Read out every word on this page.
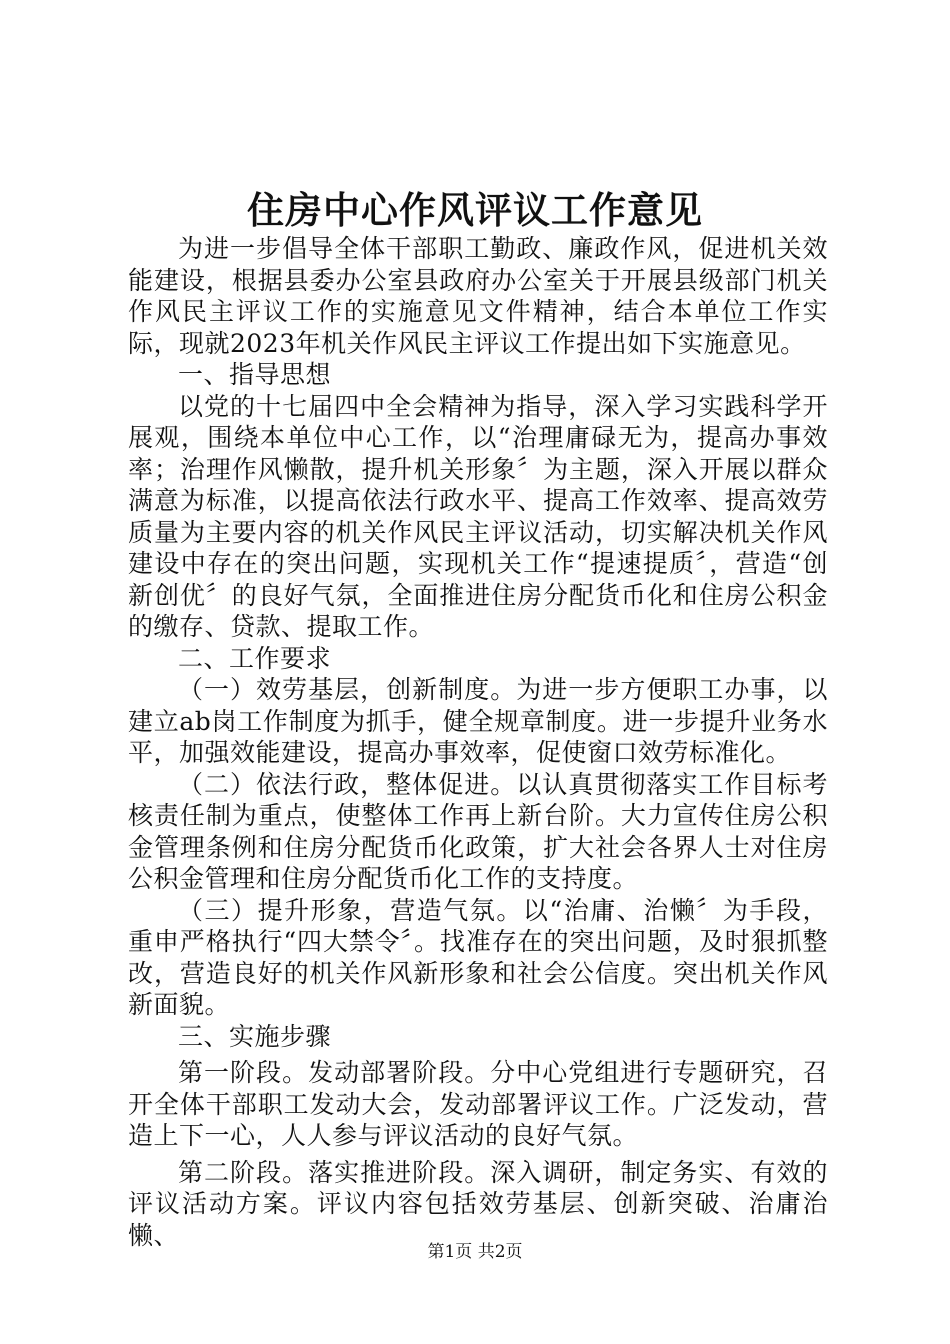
住房中心作风评议工作意见

为进一步倡导全体干部职工勤政、廉政作风，促进机关效能建设，根据县委办公室县政府办公室关于开展县级部门机关作风民主评议工作的实施意见文件精神，结合本单位工作实际，现就2023年机关作风民主评议工作提出如下实施意见。

一、指导思想

以党的十七届四中全会精神为指导，深入学习实践科学开展观，围绕本单位中心工作，以“治理庸碌无为，提高办事效率；治理作风懒散，提升机关形象〞为主题，深入开展以群众满意为标准，以提高依法行政水平、提高工作效率、提高效劳质量为主要内容的机关作风民主评议活动，切实解决机关作风建设中存在的突出问题，实现机关工作“提速提质〞，营造“创新创优〞的良好气氛，全面推进住房分配货币化和住房公积金的缴存、贷款、提取工作。

二、工作要求

（一）效劳基层，创新制度。为进一步方便职工办事，以建立ab岗工作制度为抓手，健全规章制度。进一步提升业务水平，加强效能建设，提高办事效率，促使窗口效劳标准化。

（二）依法行政，整体促进。以认真贯彻落实工作目标考核责任制为重点，使整体工作再上新台阶。大力宣传住房公积金管理条例和住房分配货币化政策，扩大社会各界人士对住房公积金管理和住房分配货币化工作的支持度。

（三）提升形象，营造气氛。以“治庸、治懒〞为手段，重申严格执行“四大禁令〞。找准存在的突出问题，及时狠抓整改，营造良好的机关作风新形象和社会公信度。突出机关作风新面貌。

三、实施步骤

第一阶段。发动部署阶段。分中心党组进行专题研究，召开全体干部职工发动大会，发动部署评议工作。广泛发动，营造上下一心，人人参与评议活动的良好气氛。

第二阶段。落实推进阶段。深入调研，制定务实、有效的评议活动方案。评议内容包括效劳基层、创新突破、治庸治懒、

第1页 共2页
